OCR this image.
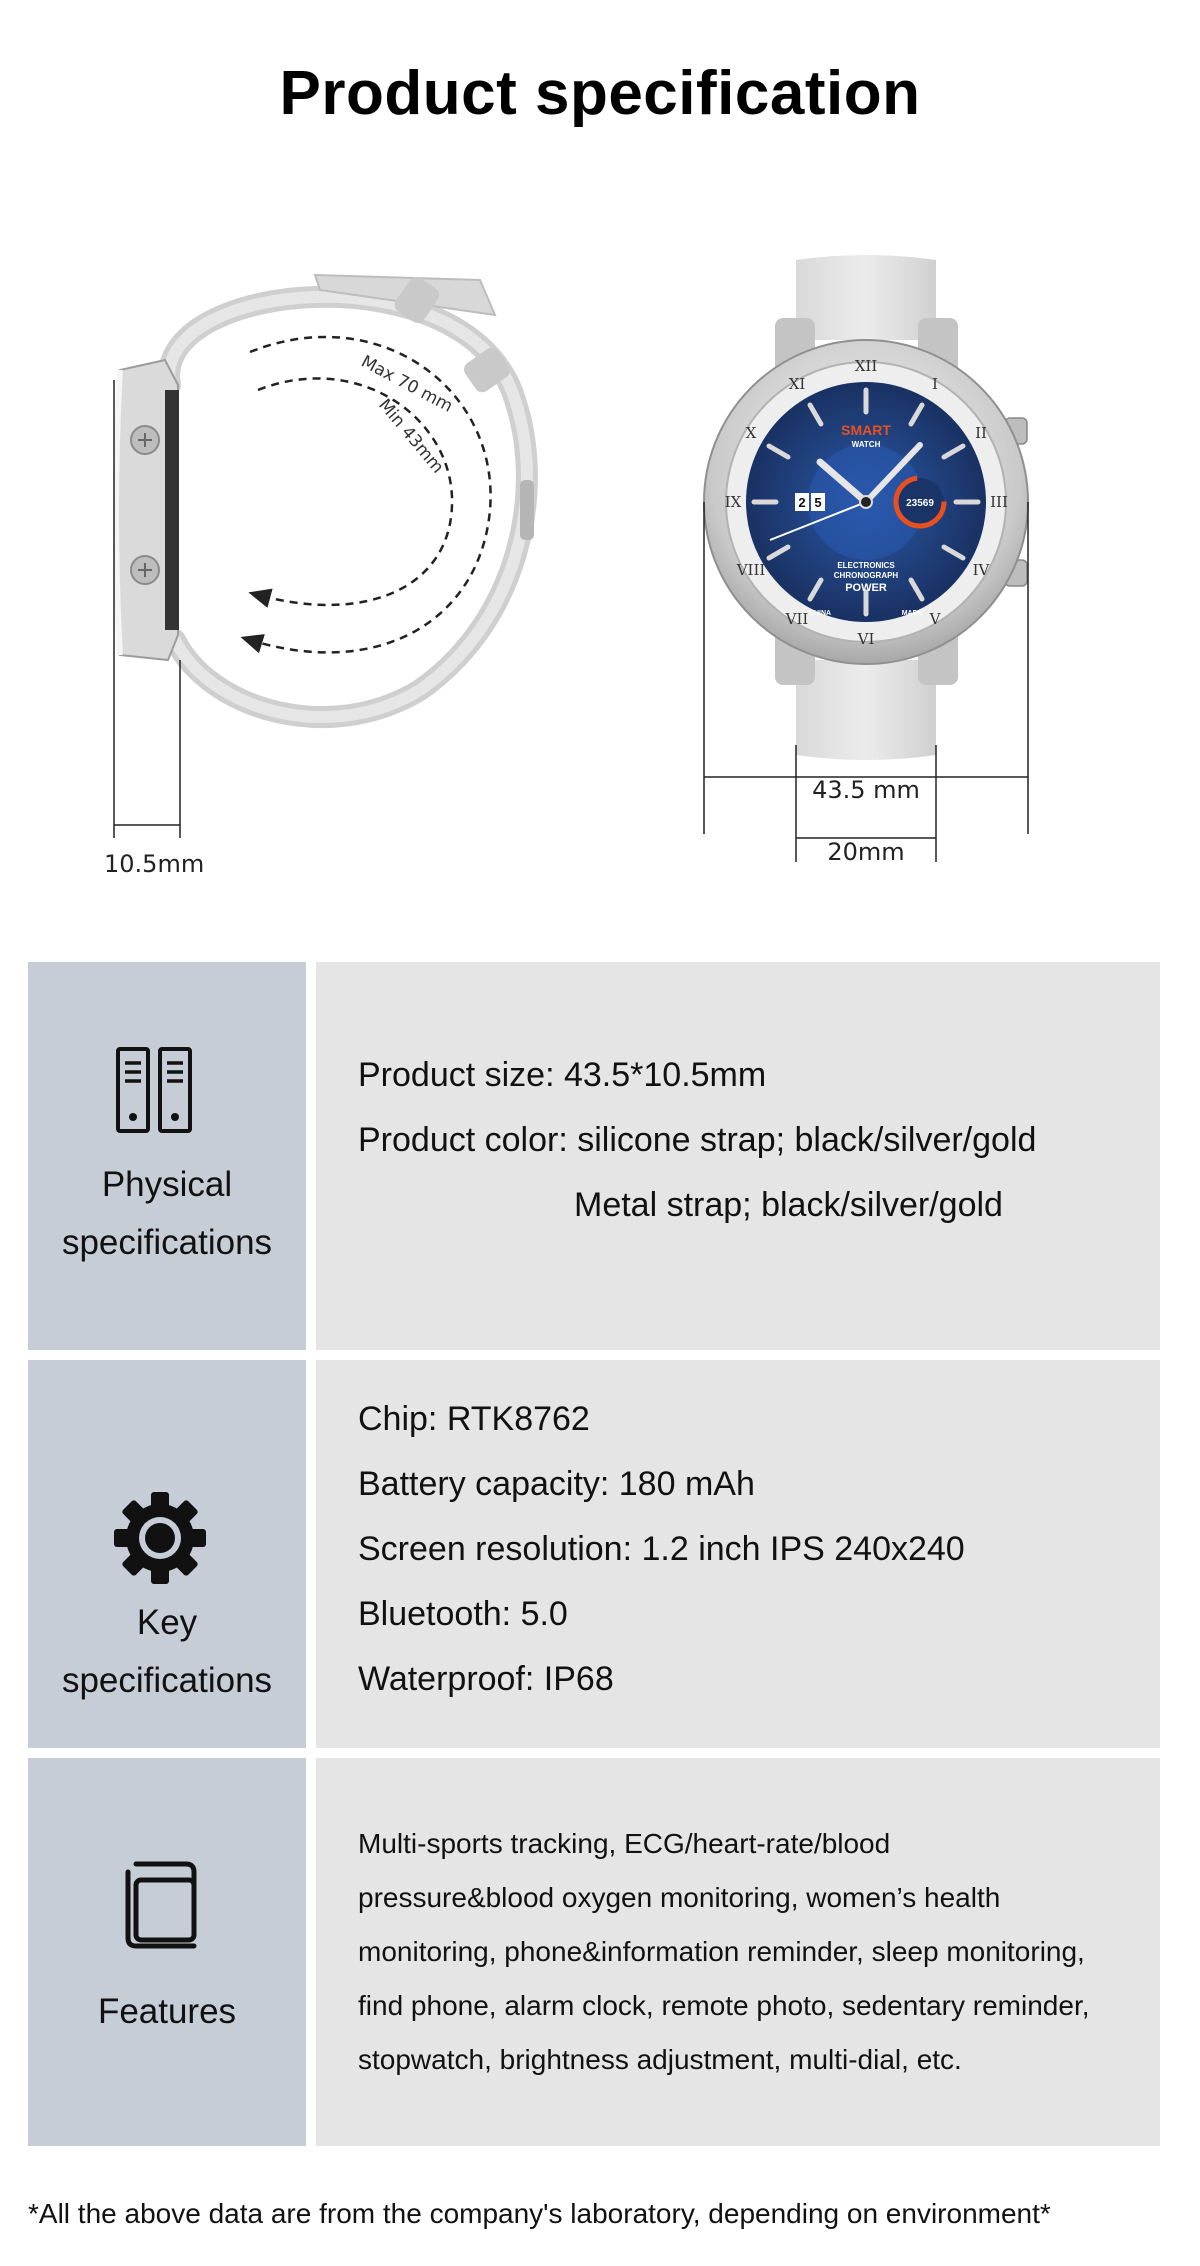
Product specification
Max 70 mm
Min 43mm
10.5mm
XII
I
II
III
IV
V
VI
VII
VIII
IX
X
XI
SMART
WATCH
2 5	23569
ELECTRONICS
CHRONOGRAPH
POWER
CHINA	MADE
43.5 mm
20mm
Physical
specifications
Product size: 43.5*10.5mm
Product color: silicone strap; black/silver/gold
Metal strap; black/silver/gold
Key
specifications
Chip: RTK8762
Battery capacity: 180 mAh
Screen resolution: 1.2 inch IPS 240x240
Bluetooth: 5.0
Waterproof: IP68
Features
Multi-sports tracking, ECG/heart-rate/blood
pressure&blood oxygen monitoring, women’s health
monitoring, phone&information reminder, sleep monitoring,
find phone, alarm clock, remote photo, sedentary reminder,
stopwatch, brightness adjustment, multi-dial, etc.
*All the above data are from the company's laboratory, depending on environment*
